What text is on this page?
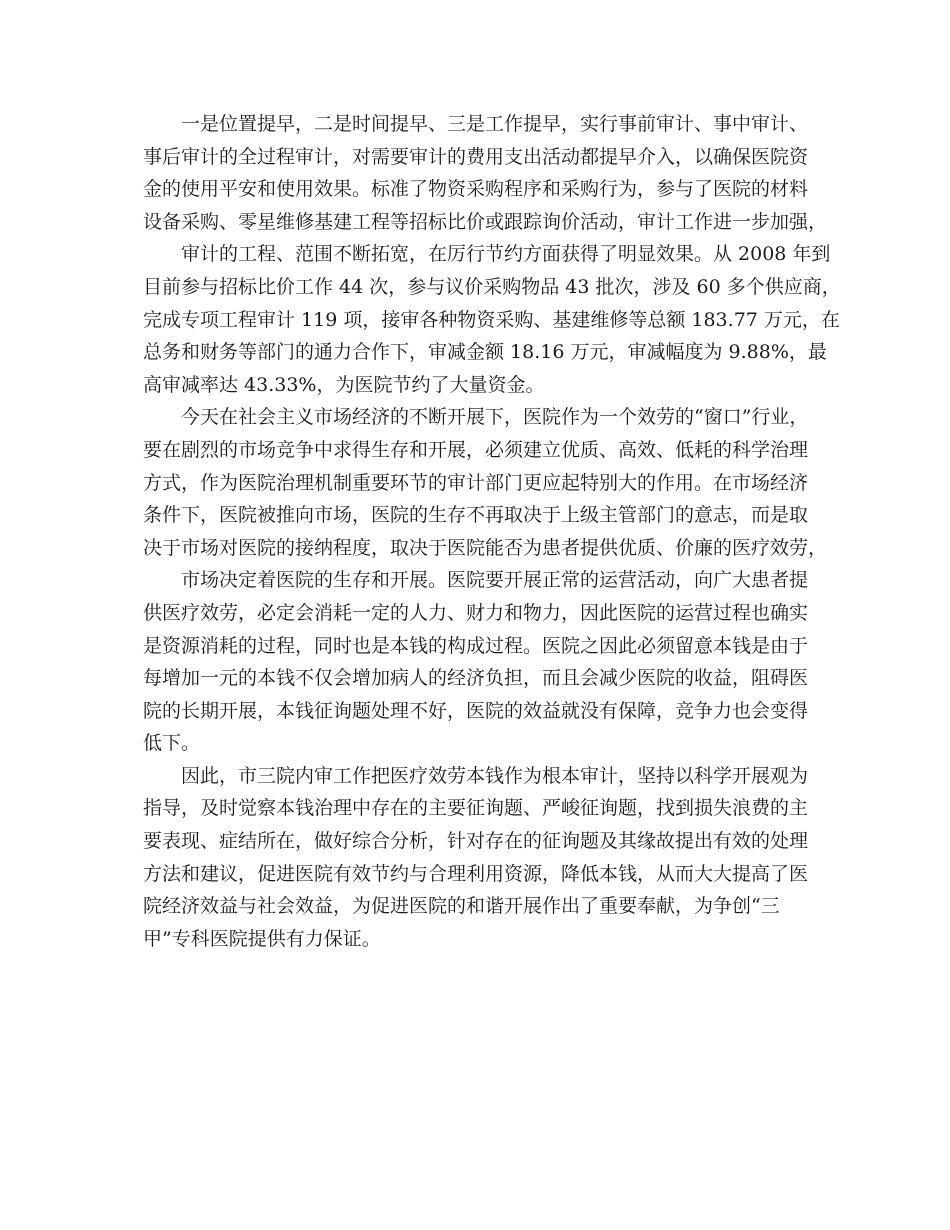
一是位置提早，二是时间提早、三是工作提早，实行事前审计、事中审计、
事后审计的全过程审计，对需要审计的费用支出活动都提早介入，以确保医院资
金的使用平安和使用效果。标准了物资采购程序和采购行为，参与了医院的材料
设备采购、零星维修基建工程等招标比价或跟踪询价活动，审计工作进一步加强，

审计的工程、范围不断拓宽，在厉行节约方面获得了明显效果。从 2008 年到
目前参与招标比价工作 44 次，参与议价采购物品 43 批次，涉及 60 多个供应商，
完成专项工程审计 119 项，接审各种物资采购、基建维修等总额 183.77 万元，在
总务和财务等部门的通力合作下，审减金额 18.16 万元，审减幅度为 9.88%，最
高审减率达 43.33%，为医院节约了大量资金。

今天在社会主义市场经济的不断开展下，医院作为一个效劳的“窗口”行业，
要在剧烈的市场竞争中求得生存和开展，必须建立优质、高效、低耗的科学治理
方式，作为医院治理机制重要环节的审计部门更应起特别大的作用。在市场经济
条件下，医院被推向市场，医院的生存不再取决于上级主管部门的意志，而是取
决于市场对医院的接纳程度，取决于医院能否为患者提供优质、价廉的医疗效劳，

市场决定着医院的生存和开展。医院要开展正常的运营活动，向广大患者提
供医疗效劳，必定会消耗一定的人力、财力和物力，因此医院的运营过程也确实
是资源消耗的过程，同时也是本钱的构成过程。医院之因此必须留意本钱是由于
每增加一元的本钱不仅会增加病人的经济负担，而且会减少医院的收益，阻碍医
院的长期开展，本钱征询题处理不好，医院的效益就没有保障，竞争力也会变得
低下。

因此，市三院内审工作把医疗效劳本钱作为根本审计，坚持以科学开展观为
指导，及时觉察本钱治理中存在的主要征询题、严峻征询题，找到损失浪费的主
要表现、症结所在，做好综合分析，针对存在的征询题及其缘故提出有效的处理
方法和建议，促进医院有效节约与合理利用资源，降低本钱，从而大大提高了医
院经济效益与社会效益，为促进医院的和谐开展作出了重要奉献，为争创“三
甲”专科医院提供有力保证。
